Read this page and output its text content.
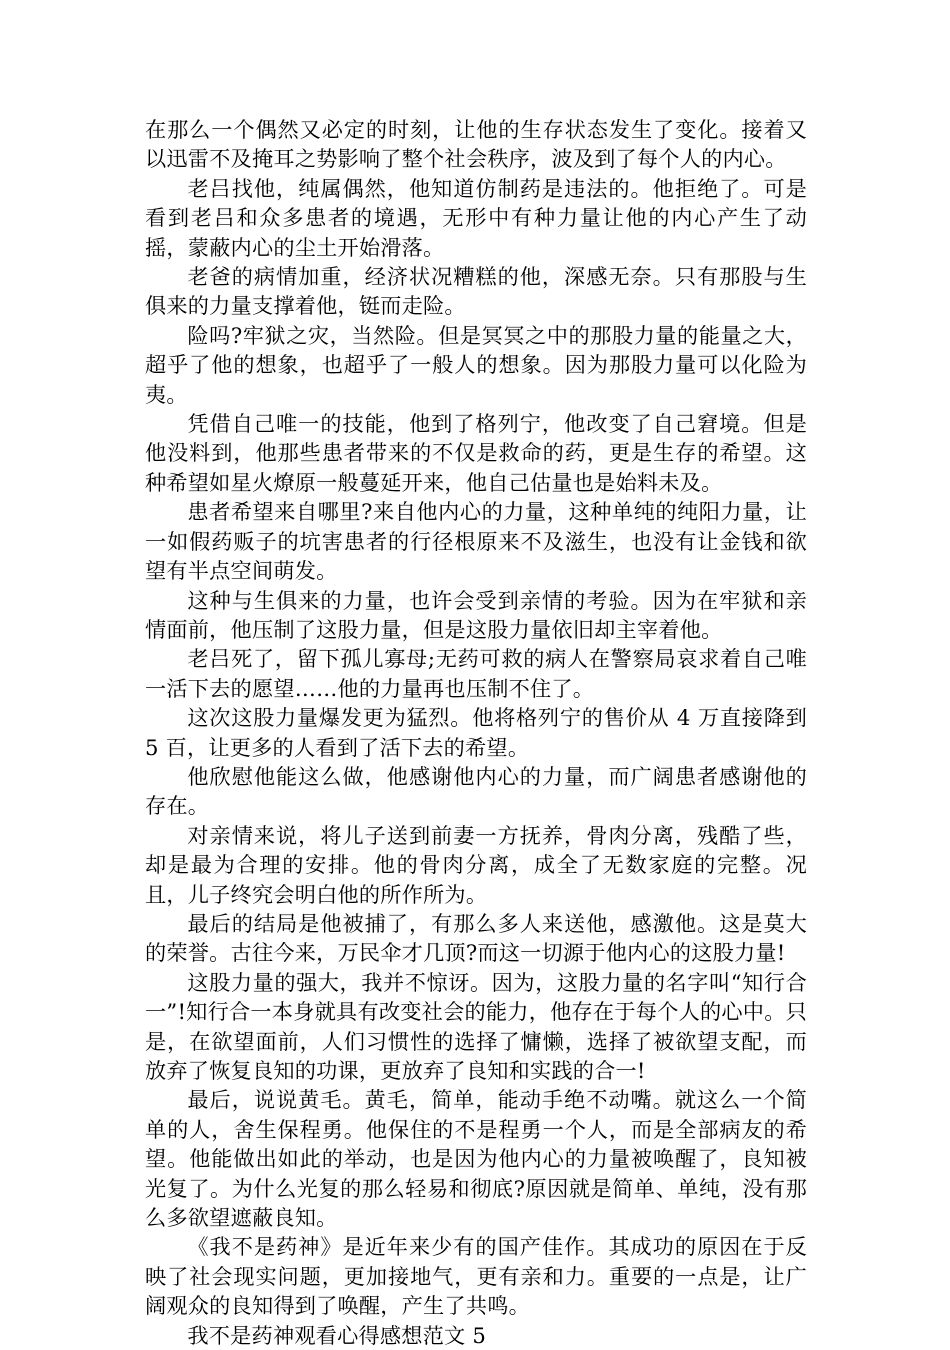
在那么一个偶然又必定的时刻，让他的生存状态发生了变化。接着又以迅雷不及掩耳之势影响了整个社会秩序，波及到了每个人的内心。

老吕找他，纯属偶然，他知道仿制药是违法的。他拒绝了。可是看到老吕和众多患者的境遇，无形中有种力量让他的内心产生了动摇，蒙蔽内心的尘土开始滑落。

老爸的病情加重，经济状况糟糕的他，深感无奈。只有那股与生俱来的力量支撑着他，铤而走险。

险吗?牢狱之灾，当然险。但是冥冥之中的那股力量的能量之大，超乎了他的想象，也超乎了一般人的想象。因为那股力量可以化险为夷。

凭借自己唯一的技能，他到了格列宁，他改变了自己窘境。但是他没料到，他那些患者带来的不仅是救命的药，更是生存的希望。这种希望如星火燎原一般蔓延开来，他自己估量也是始料未及。

患者希望来自哪里?来自他内心的力量，这种单纯的纯阳力量，让一如假药贩子的坑害患者的行径根原来不及滋生，也没有让金钱和欲望有半点空间萌发。

这种与生俱来的力量，也许会受到亲情的考验。因为在牢狱和亲情面前，他压制了这股力量，但是这股力量依旧却主宰着他。

老吕死了，留下孤儿寡母;无药可救的病人在警察局哀求着自己唯一活下去的愿望……他的力量再也压制不住了。

这次这股力量爆发更为猛烈。他将格列宁的售价从 4 万直接降到 5 百，让更多的人看到了活下去的希望。

他欣慰他能这么做，他感谢他内心的力量，而广阔患者感谢他的存在。

对亲情来说，将儿子送到前妻一方抚养，骨肉分离，残酷了些，却是最为合理的安排。他的骨肉分离，成全了无数家庭的完整。况且，儿子终究会明白他的所作所为。

最后的结局是他被捕了，有那么多人来送他，感激他。这是莫大的荣誉。古往今来，万民伞才几顶?而这一切源于他内心的这股力量!

这股力量的强大，我并不惊讶。因为，这股力量的名字叫“知行合一”!知行合一本身就具有改变社会的能力，他存在于每个人的心中。只是，在欲望面前，人们习惯性的选择了慵懒，选择了被欲望支配，而放弃了恢复良知的功课，更放弃了良知和实践的合一!

最后，说说黄毛。黄毛，简单，能动手绝不动嘴。就这么一个简单的人，舍生保程勇。他保住的不是程勇一个人，而是全部病友的希望。他能做出如此的举动，也是因为他内心的力量被唤醒了，良知被光复了。为什么光复的那么轻易和彻底?原因就是简单、单纯，没有那么多欲望遮蔽良知。

《我不是药神》是近年来少有的国产佳作。其成功的原因在于反映了社会现实问题，更加接地气，更有亲和力。重要的一点是，让广阔观众的良知得到了唤醒，产生了共鸣。

我不是药神观看心得感想范文 5
